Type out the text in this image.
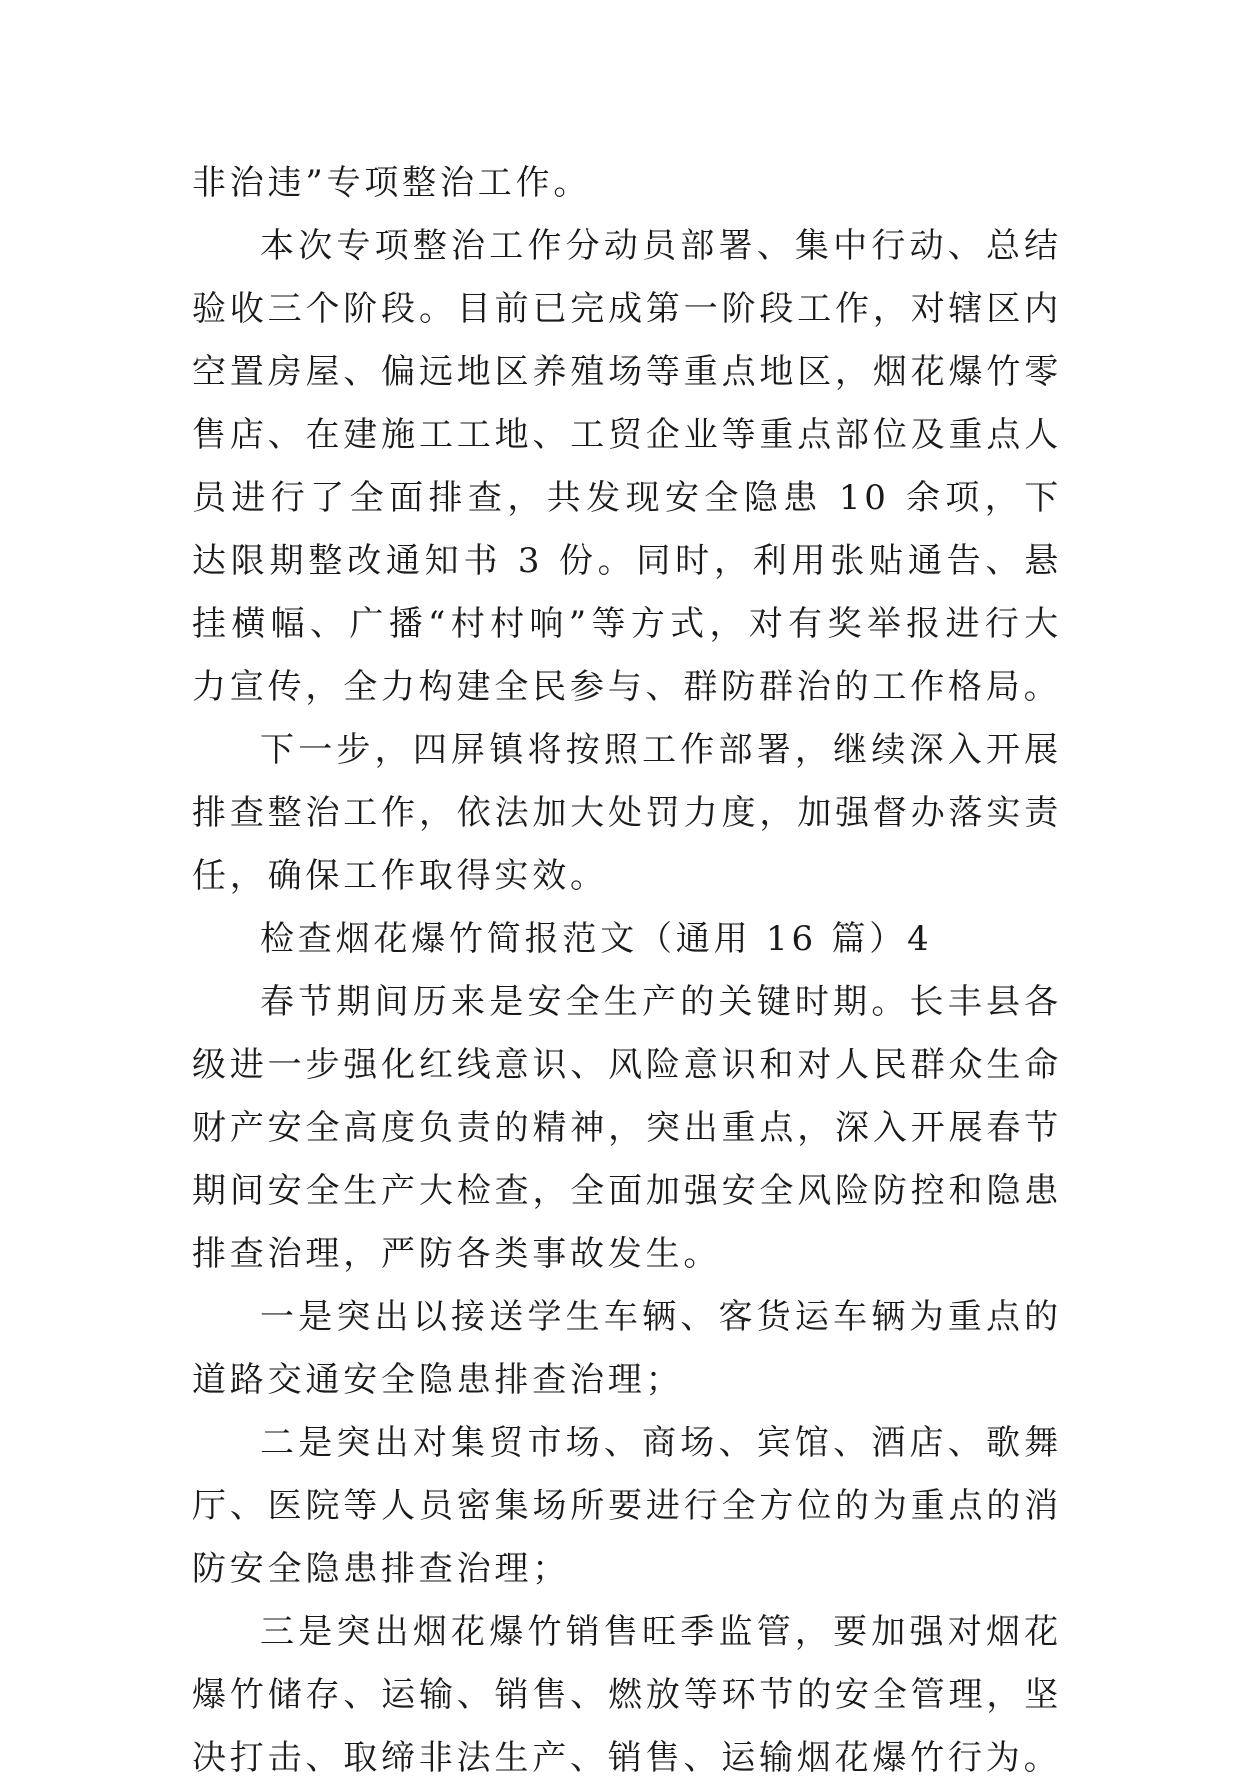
非治违”专项整治工作。

本次专项整治工作分动员部署、集中行动、总结验收三个阶段。目前已完成第一阶段工作，对辖区内空置房屋、偏远地区养殖场等重点地区，烟花爆竹零售店、在建施工工地、工贸企业等重点部位及重点人员进行了全面排查，共发现安全隐患 10 余项，下达限期整改通知书 3 份。同时，利用张贴通告、悬挂横幅、广播“村村响”等方式，对有奖举报进行大力宣传，全力构建全民参与、群防群治的工作格局。

下一步，四屏镇将按照工作部署，继续深入开展排查整治工作，依法加大处罚力度，加强督办落实责任，确保工作取得实效。

检查烟花爆竹简报范文（通用 16 篇）4

春节期间历来是安全生产的关键时期。长丰县各级进一步强化红线意识、风险意识和对人民群众生命财产安全高度负责的精神，突出重点，深入开展春节期间安全生产大检查，全面加强安全风险防控和隐患排查治理，严防各类事故发生。

一是突出以接送学生车辆、客货运车辆为重点的道路交通安全隐患排查治理；

二是突出对集贸市场、商场、宾馆、酒店、歌舞厅、医院等人员密集场所要进行全方位的为重点的消防安全隐患排查治理；

三是突出烟花爆竹销售旺季监管，要加强对烟花爆竹储存、运输、销售、燃放等环节的安全管理，坚决打击、取缔非法生产、销售、运输烟花爆竹行为。
